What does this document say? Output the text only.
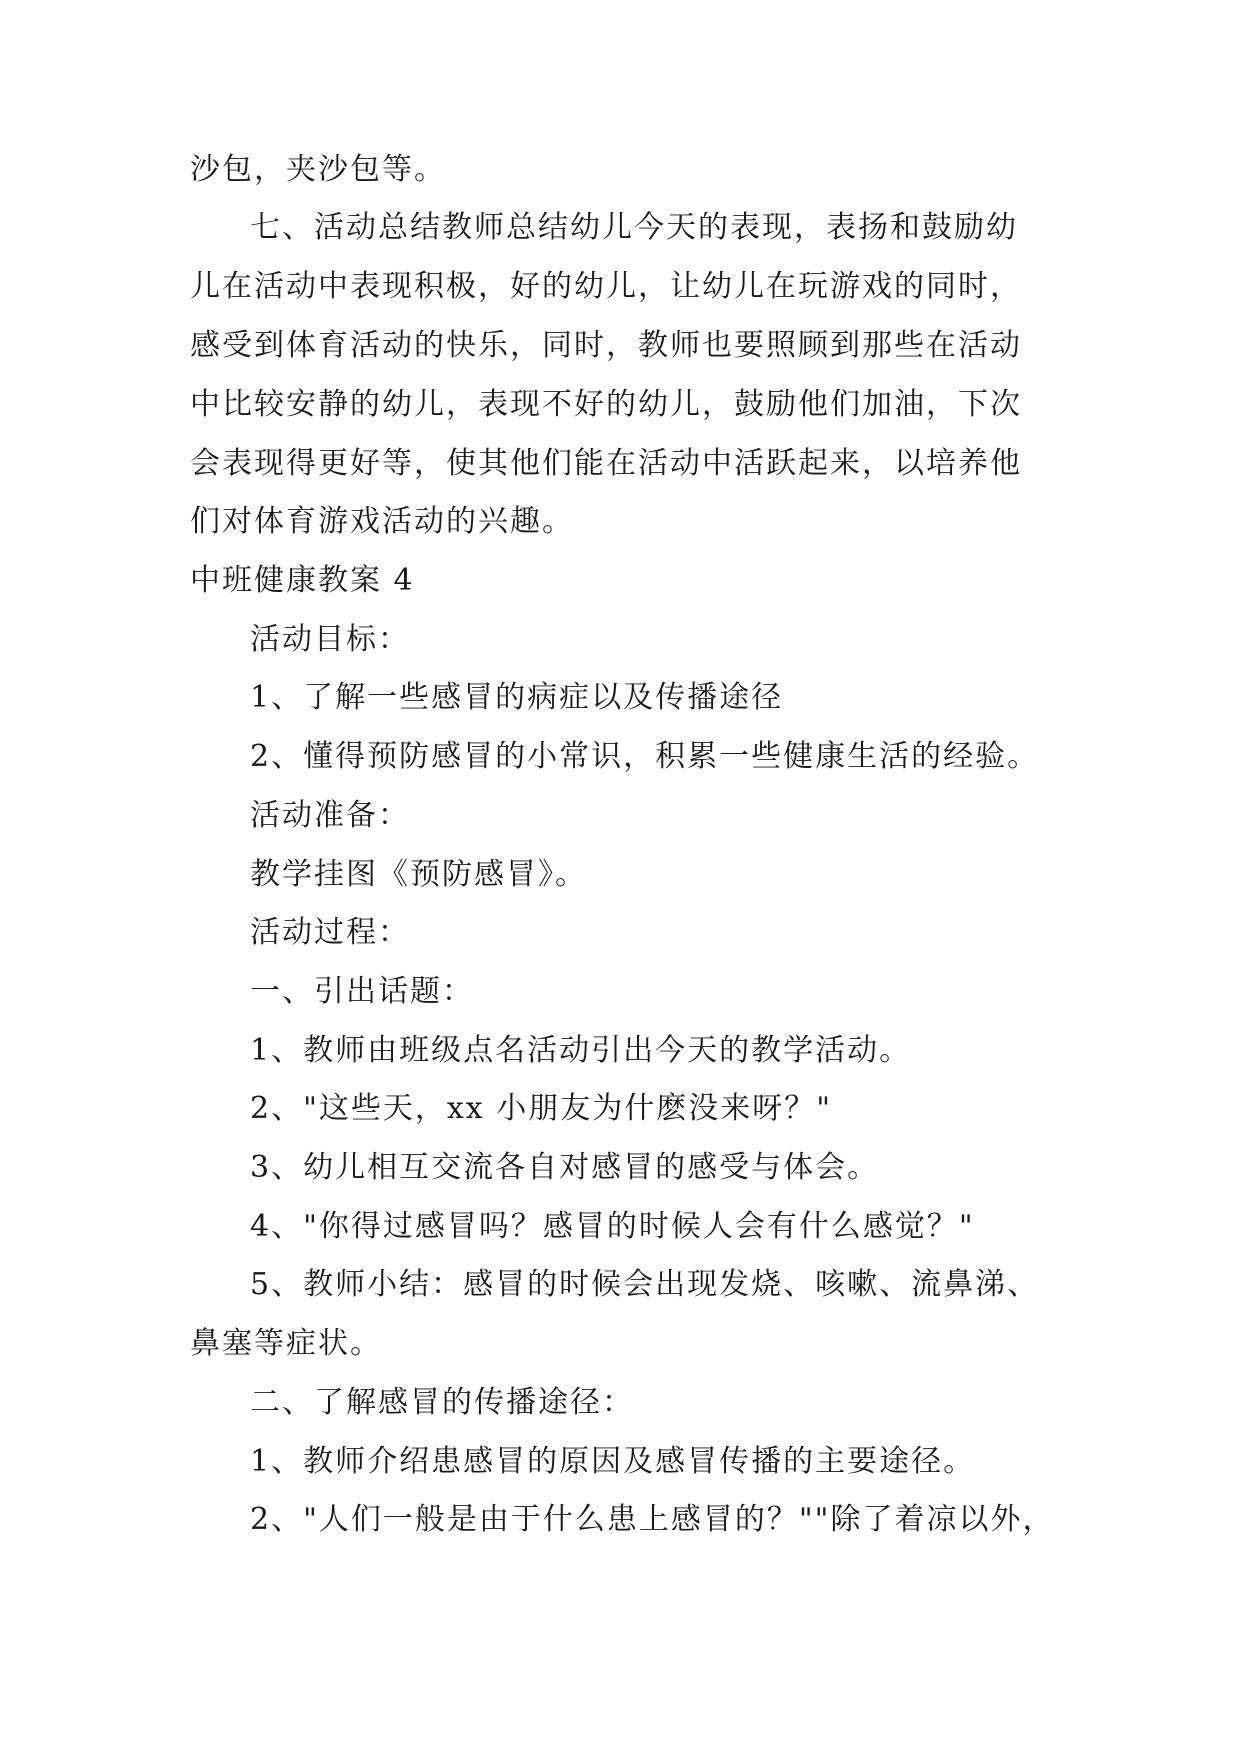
沙包，夹沙包等。
七、活动总结教师总结幼儿今天的表现，表扬和鼓励幼
儿在活动中表现积极，好的幼儿，让幼儿在玩游戏的同时，
感受到体育活动的快乐，同时，教师也要照顾到那些在活动
中比较安静的幼儿，表现不好的幼儿，鼓励他们加油，下次
会表现得更好等，使其他们能在活动中活跃起来，以培养他
们对体育游戏活动的兴趣。
中班健康教案 4
活动目标：
1、了解一些感冒的病症以及传播途径
2、懂得预防感冒的小常识，积累一些健康生活的经验。
活动准备：
教学挂图《预防感冒》。
活动过程：
一、引出话题：
1、教师由班级点名活动引出今天的教学活动。
2、"这些天，xx 小朋友为什麽没来呀？"
3、幼儿相互交流各自对感冒的感受与体会。
4、"你得过感冒吗？感冒的时候人会有什么感觉？"
5、教师小结：感冒的时候会出现发烧、咳嗽、流鼻涕、
鼻塞等症状。
二、了解感冒的传播途径：
1、教师介绍患感冒的原因及感冒传播的主要途径。
2、"人们一般是由于什么患上感冒的？""除了着凉以外，
